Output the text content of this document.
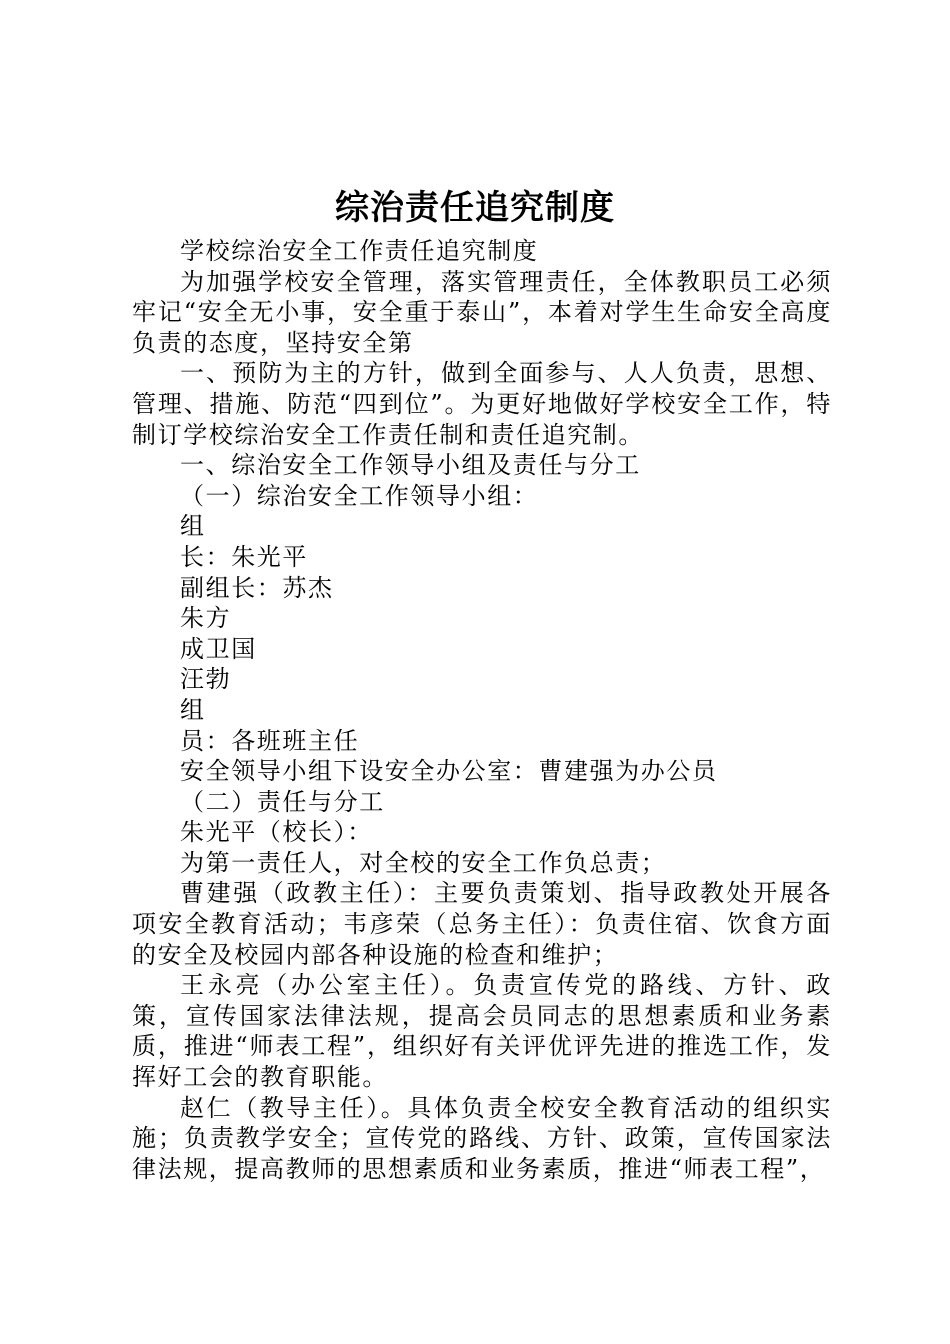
综治责任追究制度

学校综治安全工作责任追究制度

为加强学校安全管理，落实管理责任，全体教职员工必须牢记“安全无小事，安全重于泰山”，本着对学生生命安全高度负责的态度，坚持安全第

一、预防为主的方针，做到全面参与、人人负责，思想、管理、措施、防范“四到位”。为更好地做好学校安全工作，特制订学校综治安全工作责任制和责任追究制。

一、综治安全工作领导小组及责任与分工

（一）综治安全工作领导小组：

组

长：朱光平

副组长：苏杰

朱方

成卫国

汪勃

组

员：各班班主任

安全领导小组下设安全办公室：曹建强为办公员

（二）责任与分工

朱光平（校长）：

为第一责任人，对全校的安全工作负总责；

曹建强（政教主任）：主要负责策划、指导政教处开展各项安全教育活动；韦彦荣（总务主任）：负责住宿、饮食方面的安全及校园内部各种设施的检查和维护；

王永亮（办公室主任）。负责宣传党的路线、方针、政策，宣传国家法律法规，提高会员同志的思想素质和业务素质，推进“师表工程”，组织好有关评优评先进的推选工作，发挥好工会的教育职能。

赵仁（教导主任）。具体负责全校安全教育活动的组织实施；负责教学安全；宣传党的路线、方针、政策，宣传国家法律法规，提高教师的思想素质和业务素质，推进“师表工程”，
